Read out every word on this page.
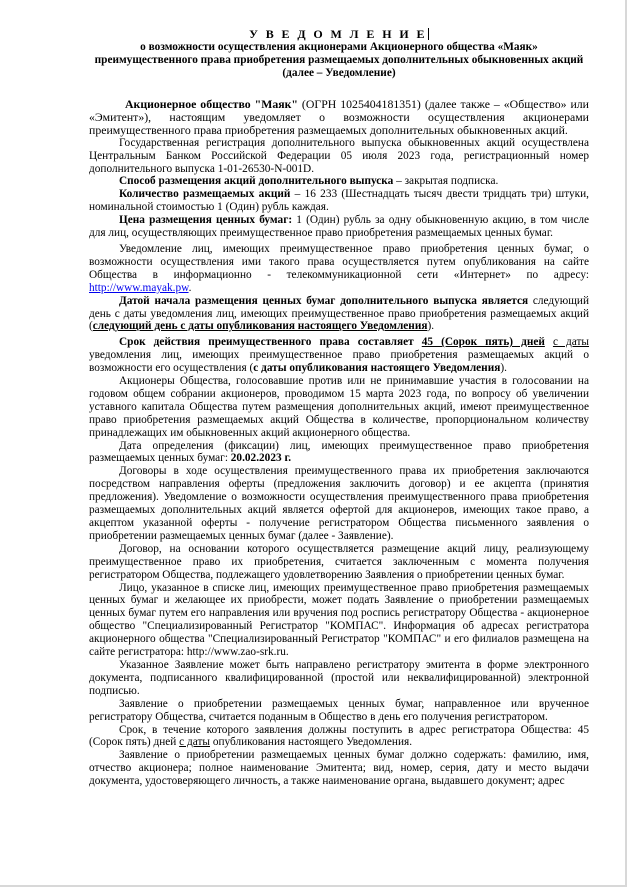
У В Е Д О М Л Е Н И Е
о возможности осуществления акционерами Акционерного общества «Маяк» преимущественного права приобретения размещаемых дополнительных обыкновенных акций (далее – Уведомление)

Акционерное общество "Маяк" (ОГРН 1025404181351) (далее также – «Общество» или «Эмитент»), настоящим уведомляет о возможности осуществления акционерами преимущественного права приобретения размещаемых дополнительных обыкновенных акций.

Государственная регистрация дополнительного выпуска обыкновенных акций осуществлена Центральным Банком Российской Федерации 05 июля 2023 года, регистрационный номер дополнительного выпуска 1-01-26530-N-001D.

Способ размещения акций дополнительного выпуска – закрытая подписка.

Количество размещаемых акций – 16 233 (Шестнадцать тысяч двести тридцать три) штуки, номинальной стоимостью 1 (Один) рубль каждая.

Цена размещения ценных бумаг: 1 (Один) рубль за одну обыкновенную акцию, в том числе для лиц, осуществляющих преимущественное право приобретения размещаемых ценных бумаг.

Уведомление лиц, имеющих преимущественное право приобретения ценных бумаг, о возможности осуществления ими такого права осуществляется путем опубликования на сайте Общества в информационно - телекоммуникационной сети «Интернет» по адресу: http://www.mayak.pw.

Датой начала размещения ценных бумаг дополнительного выпуска является следующий день с даты уведомления лиц, имеющих преимущественное право приобретения размещаемых акций (следующий день с даты опубликования настоящего Уведомления).

Срок действия преимущественного права составляет 45 (Сорок пять) дней с даты уведомления лиц, имеющих преимущественное право приобретения размещаемых акций о возможности его осуществления (с даты опубликования настоящего Уведомления).

Акционеры Общества, голосовавшие против или не принимавшие участия в голосовании на годовом общем собрании акционеров, проводимом 15 марта 2023 года, по вопросу об увеличении уставного капитала Общества путем размещения дополнительных акций, имеют преимущественное право приобретения размещаемых акций Общества в количестве, пропорциональном количеству принадлежащих им обыкновенных акций акционерного общества.

Дата определения (фиксации) лиц, имеющих преимущественное право приобретения размещаемых ценных бумаг: 20.02.2023 г.

Договоры в ходе осуществления преимущественного права их приобретения заключаются посредством направления оферты (предложения заключить договор) и ее акцепта (принятия предложения). Уведомление о возможности осуществления преимущественного права приобретения размещаемых дополнительных акций является офертой для акционеров, имеющих такое право, а акцептом указанной оферты - получение регистратором Общества письменного заявления о приобретении размещаемых ценных бумаг (далее - Заявление).

Договор, на основании которого осуществляется размещение акций лицу, реализующему преимущественное право их приобретения, считается заключенным с момента получения регистратором Общества, подлежащего удовлетворению Заявления о приобретении ценных бумаг.

Лицо, указанное в списке лиц, имеющих преимущественное право приобретения размещаемых ценных бумаг и желающее их приобрести, может подать Заявление о приобретении размещаемых ценных бумаг путем его направления или вручения под роспись регистратору Общества - акционерное общество "Специализированный Регистратор "КОМПАС". Информация об адресах регистратора акционерного общества "Специализированный Регистратор "КОМПАС" и его филиалов размещена на сайте регистратора: http://www.zao-srk.ru.

Указанное Заявление может быть направлено регистратору эмитента в форме электронного документа, подписанного квалифицированной (простой или неквалифицированной) электронной подписью.

Заявление о приобретении размещаемых ценных бумаг, направленное или врученное регистратору Общества, считается поданным в Общество в день его получения регистратором.

Срок, в течение которого заявления должны поступить в адрес регистратора Общества: 45 (Сорок пять) дней с даты опубликования настоящего Уведомления.

Заявление о приобретении размещаемых ценных бумаг должно содержать: фамилию, имя, отчество акционера; полное наименование Эмитента; вид, номер, серия, дату и место выдачи документа, удостоверяющего личность, а также наименование органа, выдавшего документ; адрес
